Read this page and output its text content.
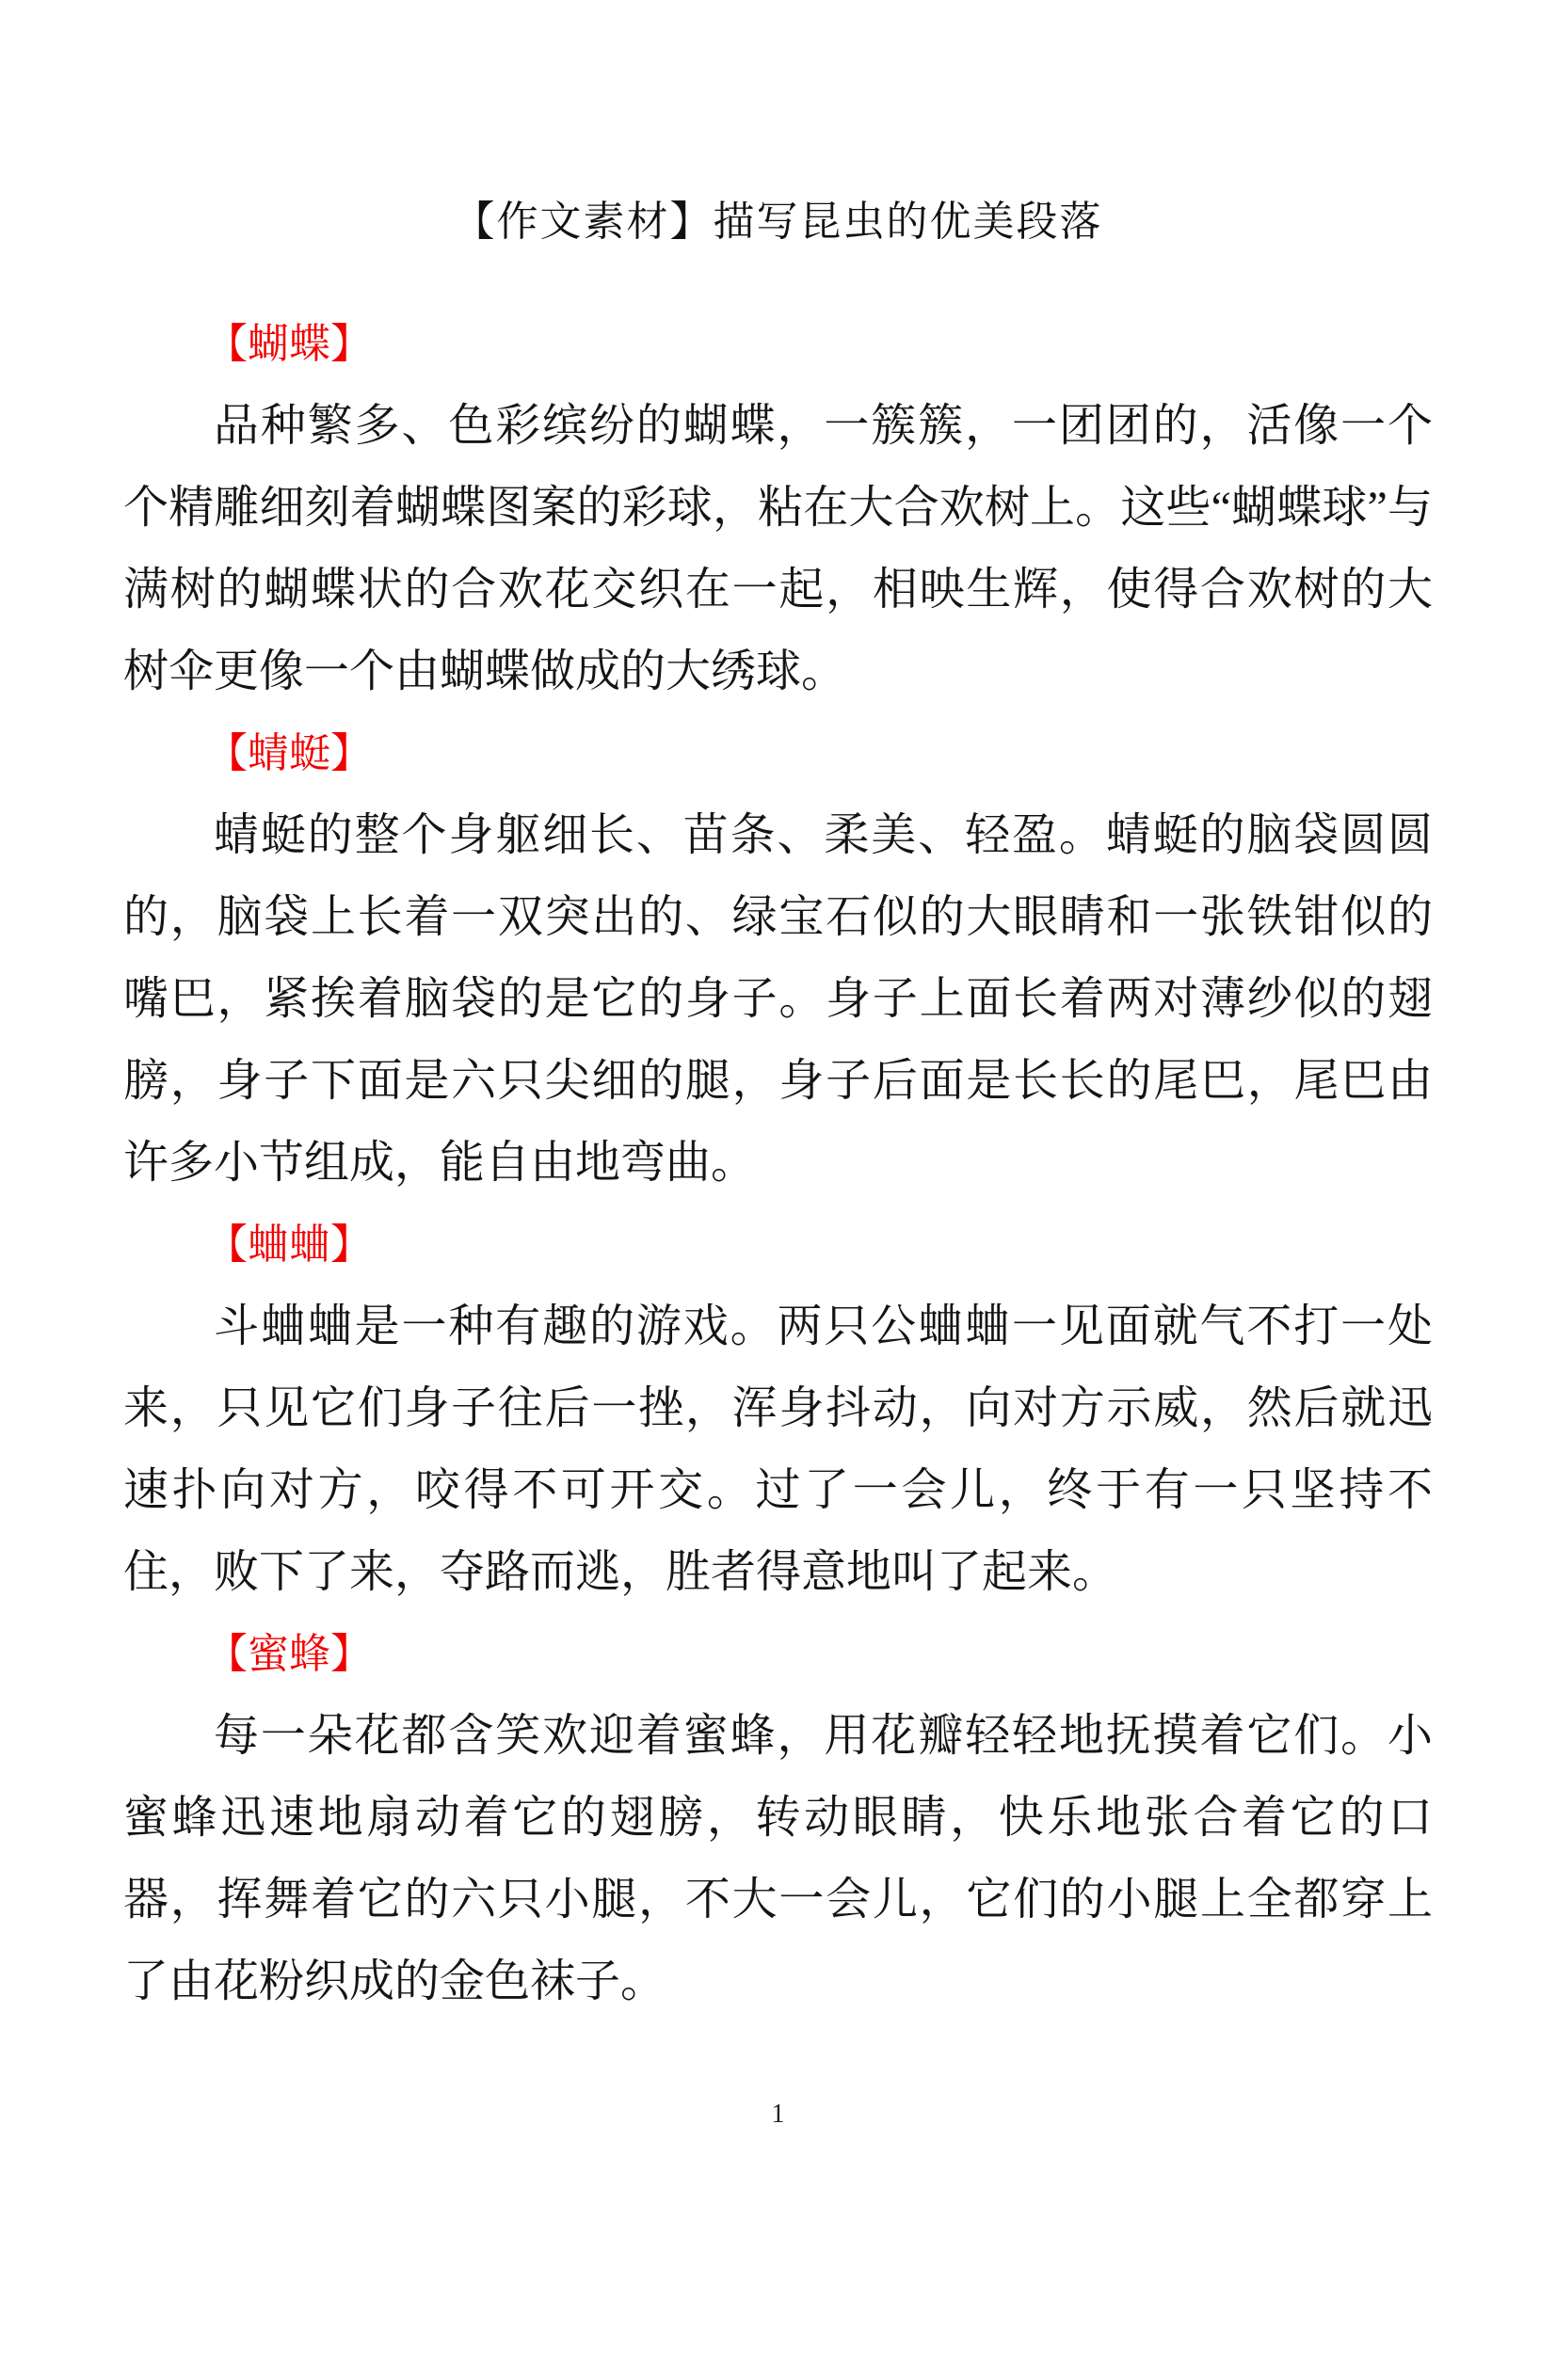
【作文素材】描写昆虫的优美段落
【蝴蝶】

品种繁多、色彩缤纷的蝴蝶，一簇簇，一团团的，活像一个个精雕细刻着蝴蝶图案的彩球，粘在大合欢树上。这些“蝴蝶球”与满树的蝴蝶状的合欢花交织在一起，相映生辉，使得合欢树的大树伞更像一个由蝴蝶做成的大绣球。

【蜻蜓】

蜻蜓的整个身躯细长、苗条、柔美、轻盈。蜻蜓的脑袋圆圆的，脑袋上长着一双突出的、绿宝石似的大眼睛和一张铁钳似的嘴巴，紧挨着脑袋的是它的身子。身子上面长着两对薄纱似的翅膀，身子下面是六只尖细的腿，身子后面是长长的尾巴，尾巴由许多小节组成，能自由地弯曲。

【蛐蛐】

斗蛐蛐是一种有趣的游戏。两只公蛐蛐一见面就气不打一处来，只见它们身子往后一挫，浑身抖动，向对方示威，然后就迅速扑向对方，咬得不可开交。过了一会儿，终于有一只坚持不住，败下了来，夺路而逃，胜者得意地叫了起来。

【蜜蜂】

每一朵花都含笑欢迎着蜜蜂，用花瓣轻轻地抚摸着它们。小蜜蜂迅速地扇动着它的翅膀，转动眼睛，快乐地张合着它的口器，挥舞着它的六只小腿，不大一会儿，它们的小腿上全都穿上了由花粉织成的金色袜子。

1
